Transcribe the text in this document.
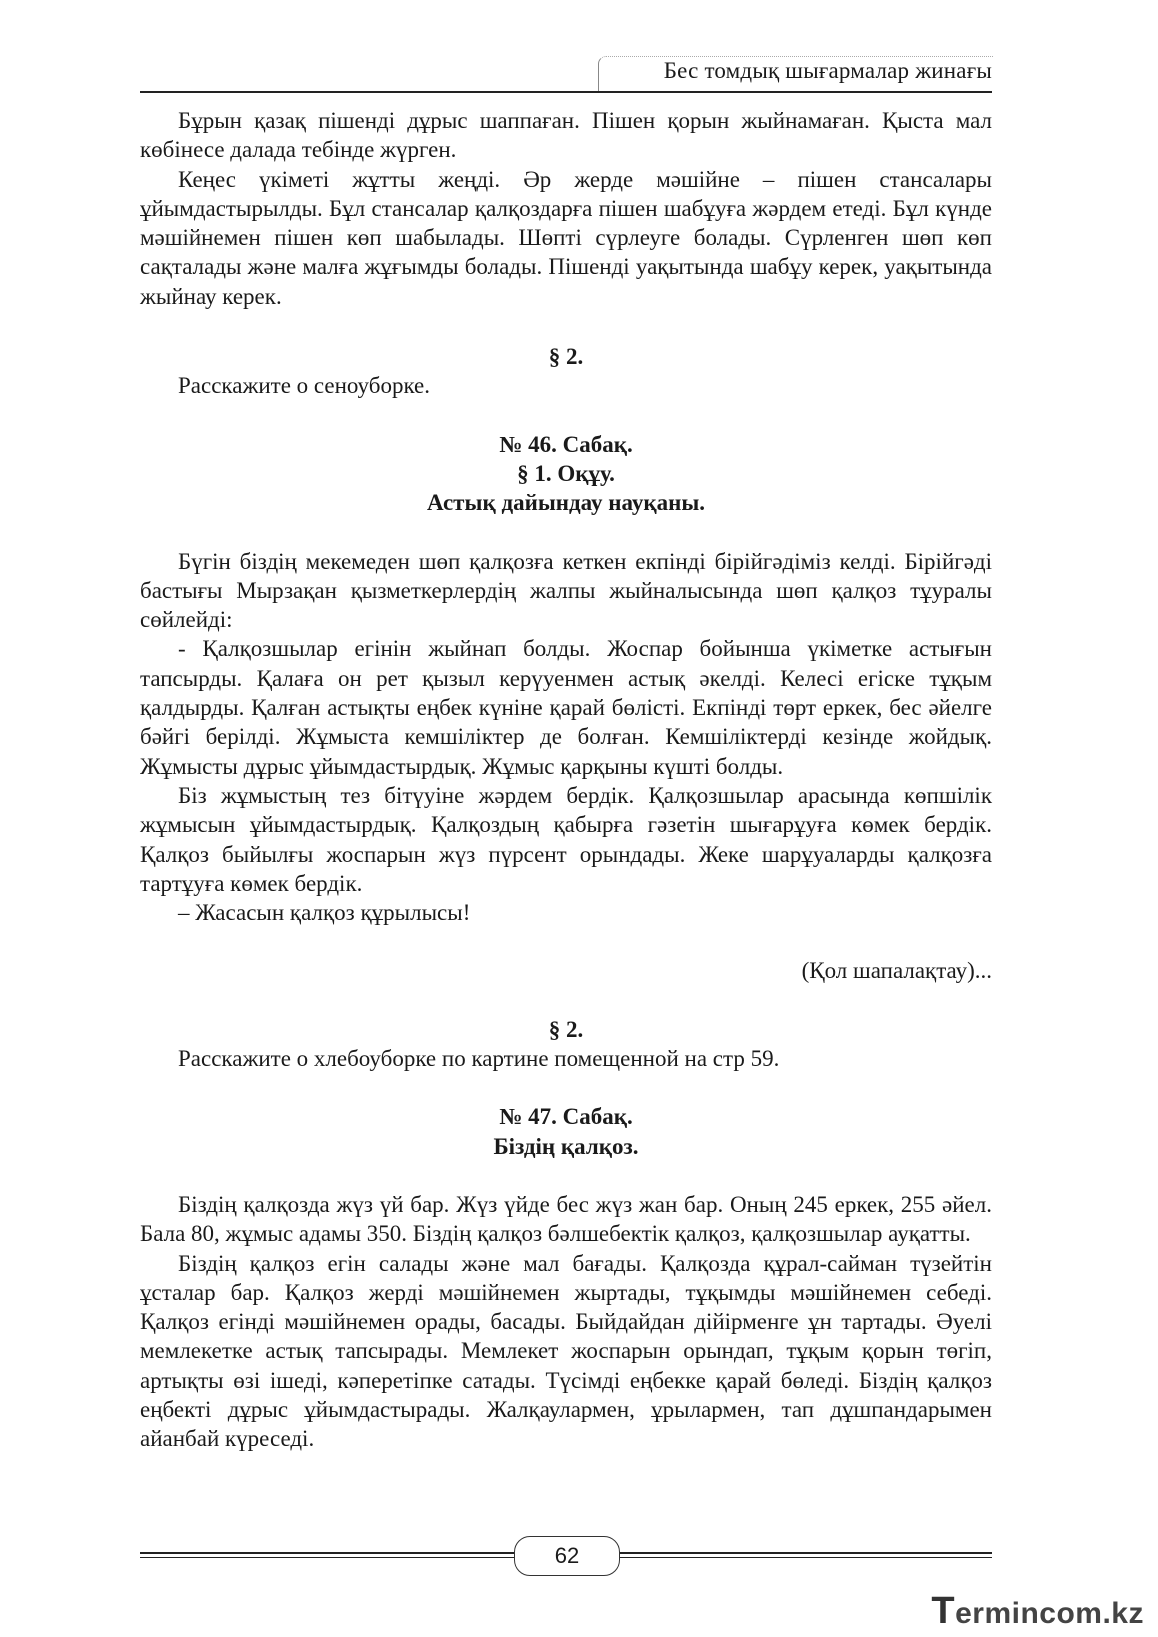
Бес томдық шығармалар жинағы

Бұрын қазақ пішенді дұрыс шаппаған. Пішен қорын жыйнамаған. Қыста мал көбінесе далада тебінде жүрген.

Кеңес үкіметі жұтты жеңді. Әр жерде мәшійне – пішен стансалары ұйымдастырылды. Бұл стансалар қалқоздарға пішен шабұуға жәрдем етеді. Бұл күнде мәшійнемен пішен көп шабылады. Шөпті сүрлеуге болады. Сүрленген шөп көп сақталады және малға жұғымды болады. Пішенді уақытында шабұу керек, уақытында жыйнау керек.

§ 2.

Расскажите о сеноуборке.

№ 46. Сабақ.

§ 1. Оқұу.

Астық дайындау науқаны.

Бүгін біздің мекемеден шөп қалқозға кеткен екпінді бірійгәдіміз келді. Бірійгәді бастығы Мырзақан қызметкерлердің жалпы жыйналысында шөп қалқоз тұуралы сөйлейді:

- Қалқозшылар егінін жыйнап болды. Жоспар бойынша үкіметке астығын тапсырды. Қалаға он рет қызыл керүуенмен астық әкелді. Келесі егіске тұқым қалдырды. Қалған астықты еңбек күніне қарай бөлісті. Екпінді төрт еркек, бес әйелге бәйгі берілді. Жұмыста кемшіліктер де болған. Кемшіліктерді кезінде жойдық. Жұмысты дұрыс ұйымдастырдық. Жұмыс қарқыны күшті болды.

Біз жұмыстың тез бітүуіне жәрдем бердік. Қалқозшылар арасында көпшілік жұмысын ұйымдастырдық. Қалқоздың қабырға гәзетін шығарұуға көмек бердік. Қалқоз быйылғы жоспарын жүз пүрсент орындады. Жеке шарұуаларды қалқозға тартұуға көмек бердік.

– Жасасын қалқоз құрылысы!

(Қол шапалақтау)...

§ 2.

Расскажите о хлебоуборке по картине помещенной на стр 59.

№ 47. Сабақ.

Біздің қалқоз.

Біздің қалқозда жүз үй бар. Жүз үйде бес жүз жан бар. Оның 245 еркек, 255 әйел. Бала 80, жұмыс адамы 350. Біздің қалқоз бәлшебектік қалқоз, қалқозшылар ауқатты.

Біздің қалқоз егін салады және мал бағады. Қалқозда құрал-сайман түзейтін ұсталар бар. Қалқоз жерді мәшійнемен жыртады, тұқымды мәшійнемен себеді. Қалқоз егінді мәшійнемен орады, басады. Быйдайдан дійірменге ұн тартады. Әуелі мемлекетке астық тапсырады. Мемлекет жоспарын орындап, тұқым қорын төгіп, артықты өзі ішеді, кәперетіпке сатады. Түсімді еңбекке қарай бөледі. Біздің қалқоз еңбекті дұрыс ұйымдастырады. Жалқаулармен, ұрылармен, тап дұшпандарымен айанбай күреседі.

62
Termincom.kz
